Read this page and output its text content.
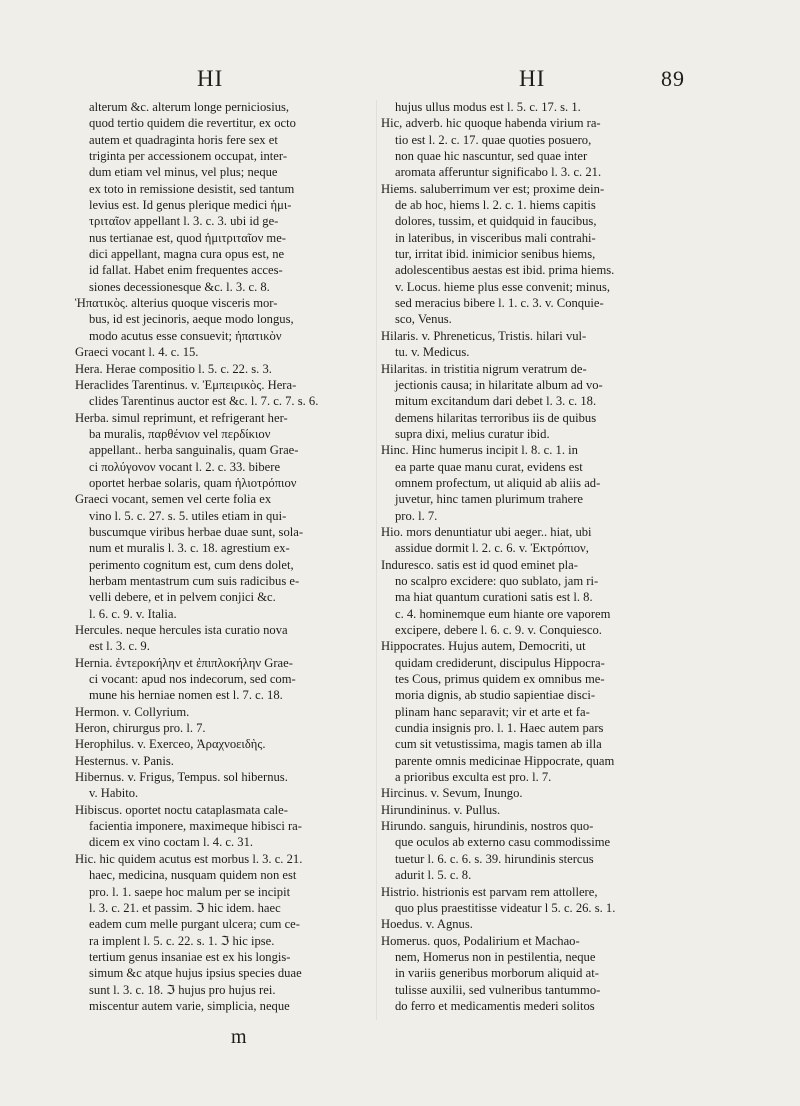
HI	HI	89
alterum &c. alterum longe perniciosius,
quod tertio quidem die revertitur, ex octo
autem et quadraginta horis fere sex et
triginta per accessionem occupat, inter-
dum etiam vel minus, vel plus; neque
ex toto in remissione desistit, sed tantum
levius est. Id genus plerique medici ἡμι-
τριταῖον appellant l. 3. c. 3. ubi id ge-
nus tertianae est, quod ἡμιτριταῖον me-
dici appellant, magna cura opus est, ne
id fallat. Habet enim frequentes acces-
siones decessionesque &c. l. 3. c. 8.
Ἡπατικὸς. alterius quoque visceris mor-
bus, id est jecinoris, aeque modo longus,
modo acutus esse consuevit; ἡπατικὸν
Graeci vocant l. 4. c. 15.
Hera. Herae compositio l. 5. c. 22. s. 3.
Heraclides Tarentinus. v. Ἐμπειρικὸς. Hera-
clides Tarentinus auctor est &c. l. 7. c. 7. s. 6.
Herba. simul reprimunt, et refrigerant her-
ba muralis, παρθένιον vel περδίκιον
appellant.. herba sanguinalis, quam Grae-
ci πολύγονον vocant l. 2. c. 33. bibere
oportet herbae solaris, quam ἡλιοτρόπιον
Graeci vocant, semen vel certe folia ex
vino l. 5. c. 27. s. 5. utiles etiam in qui-
buscumque viribus herbae duae sunt, sola-
num et muralis l. 3. c. 18. agrestium ex-
perimento cognitum est, cum dens dolet,
herbam mentastrum cum suis radicibus e-
velli debere, et in pelvem conjici &c.
l. 6. c. 9. v. Italia.
Hercules. neque hercules ista curatio nova
est l. 3. c. 9.
Hernia. ἐντεροκήλην et ἐπιπλοκήλην Grae-
ci vocant: apud nos indecorum, sed com-
mune his herniae nomen est l. 7. c. 18.
Hermon. v. Collyrium.
Heron, chirurgus pro. l. 7.
Herophilus. v. Exerceo, Ἀραχνοειδὴς.
Hesternus. v. Panis.
Hibernus. v. Frigus, Tempus. sol hibernus.
v. Habito.
Hibiscus. oportet noctu cataplasmata cale-
facientia imponere, maximeque hibisci ra-
dicem ex vino coctam l. 4. c. 31.
Hic. hic quidem acutus est morbus l. 3. c. 21.
haec, medicina, nusquam quidem non est
pro. l. 1. saepe hoc malum per se incipit
l. 3. c. 21. et passim. ℑ hic idem. haec
eadem cum melle purgant ulcera; cum ce-
ra implent l. 5. c. 22. s. 1. ℑ hic ipse.
tertium genus insaniae est ex his longis-
simum &c atque hujus ipsius species duae
sunt l. 3. c. 18. ℑ hujus pro hujus rei.
miscentur autem varie, simplicia, neque
hujus ullus modus est l. 5. c. 17. s. 1.
Hic, adverb. hic quoque habenda virium ra-
tio est l. 2. c. 17. quae quoties posuero,
non quae hic nascuntur, sed quae inter
aromata afferuntur significabo l. 3. c. 21.
Hiems. saluberrimum ver est; proxime dein-
de ab hoc, hiems l. 2. c. 1. hiems capitis
dolores, tussim, et quidquid in faucibus,
in lateribus, in visceribus mali contrahi-
tur, irritat ibid. inimicior senibus hiems,
adolescentibus aestas est ibid. prima hiems.
v. Locus. hieme plus esse convenit; minus,
sed meracius bibere l. 1. c. 3. v. Conquie-
sco, Venus.
Hilaris. v. Phreneticus, Tristis. hilari vul-
tu. v. Medicus.
Hilaritas. in tristitia nigrum veratrum de-
jectionis causa; in hilaritate album ad vo-
mitum excitandum dari debet l. 3. c. 18.
demens hilaritas terroribus iis de quibus
supra dixi, melius curatur ibid.
Hinc. Hinc humerus incipit l. 8. c. 1. in
ea parte quae manu curat, evidens est
omnem profectum, ut aliquid ab aliis ad-
juvetur, hinc tamen plurimum trahere
pro. l. 7.
Hio. mors denuntiatur ubi aeger.. hiat, ubi
assidue dormit l. 2. c. 6. v. Ἐκτρόπιον,
Induresco. satis est id quod eminet pla-
no scalpro excidere: quo sublato, jam ri-
ma hiat quantum curationi satis est l. 8.
c. 4. hominemque eum hiante ore vaporem
excipere, debere l. 6. c. 9. v. Conquiesco.
Hippocrates. Hujus autem, Democriti, ut
quidam crediderunt, discipulus Hippocra-
tes Cous, primus quidem ex omnibus me-
moria dignis, ab studio sapientiae disci-
plinam hanc separavit; vir et arte et fa-
cundia insignis pro. l. 1. Haec autem pars
cum sit vetustissima, magis tamen ab illa
parente omnis medicinae Hippocrate, quam
a prioribus exculta est pro. l. 7.
Hircinus. v. Sevum, Inungo.
Hirundininus. v. Pullus.
Hirundo. sanguis, hirundinis, nostros quo-
que oculos ab externo casu commodissime
tuetur l. 6. c. 6. s. 39. hirundinis stercus
adurit l. 5. c. 8.
Histrio. histrionis est parvam rem attollere,
quo plus praestitisse videatur l 5. c. 26. s. 1.
Hoedus. v. Agnus.
Homerus. quos, Podalirium et Machao-
nem, Homerus non in pestilentia, neque
in variis generibus morborum aliquid at-
tulisse auxilii, sed vulneribus tantummo-
do ferro et medicamentis mederi solitos
m
